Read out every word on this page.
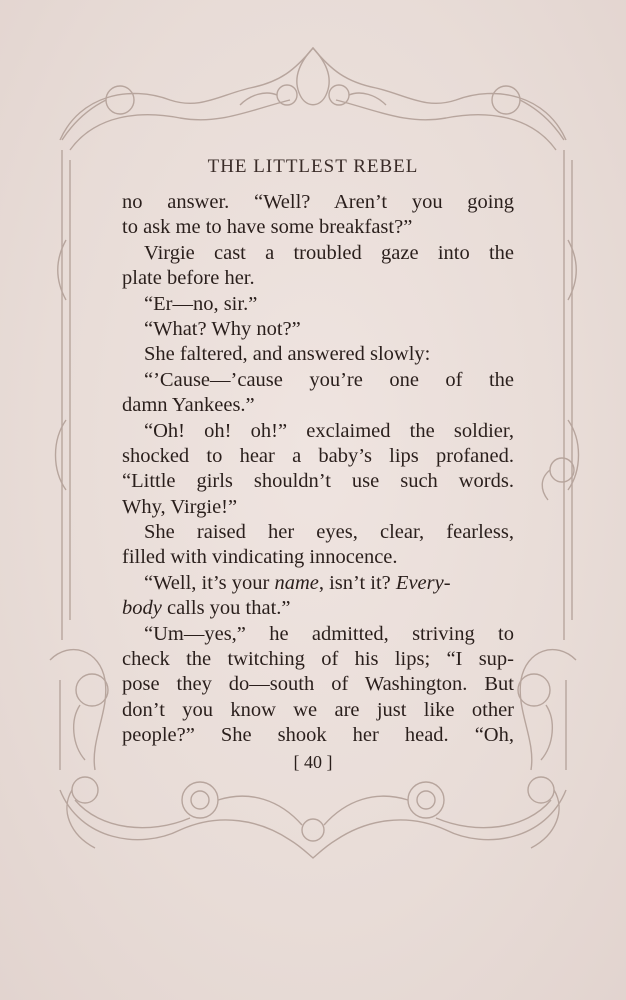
THE LITTLEST REBEL
no answer. “Well? Aren’t you going
to ask me to have some breakfast?”
Virgie cast a troubled gaze into the
plate before her.
“Er—no, sir.”
“What? Why not?”
She faltered, and answered slowly:
“’Cause—’cause you’re one of the
damn Yankees.”
“Oh! oh! oh!” exclaimed the soldier,
shocked to hear a baby’s lips profaned.
“Little girls shouldn’t use such words.
Why, Virgie!”
She raised her eyes, clear, fearless,
filled with vindicating innocence.
“Well, it’s your name, isn’t it? Every-
body calls you that.”
“Um—yes,” he admitted, striving to
check the twitching of his lips; “I sup-
pose they do—south of Washington. But
don’t you know we are just like other
people?” She shook her head. “Oh,
[ 40 ]
